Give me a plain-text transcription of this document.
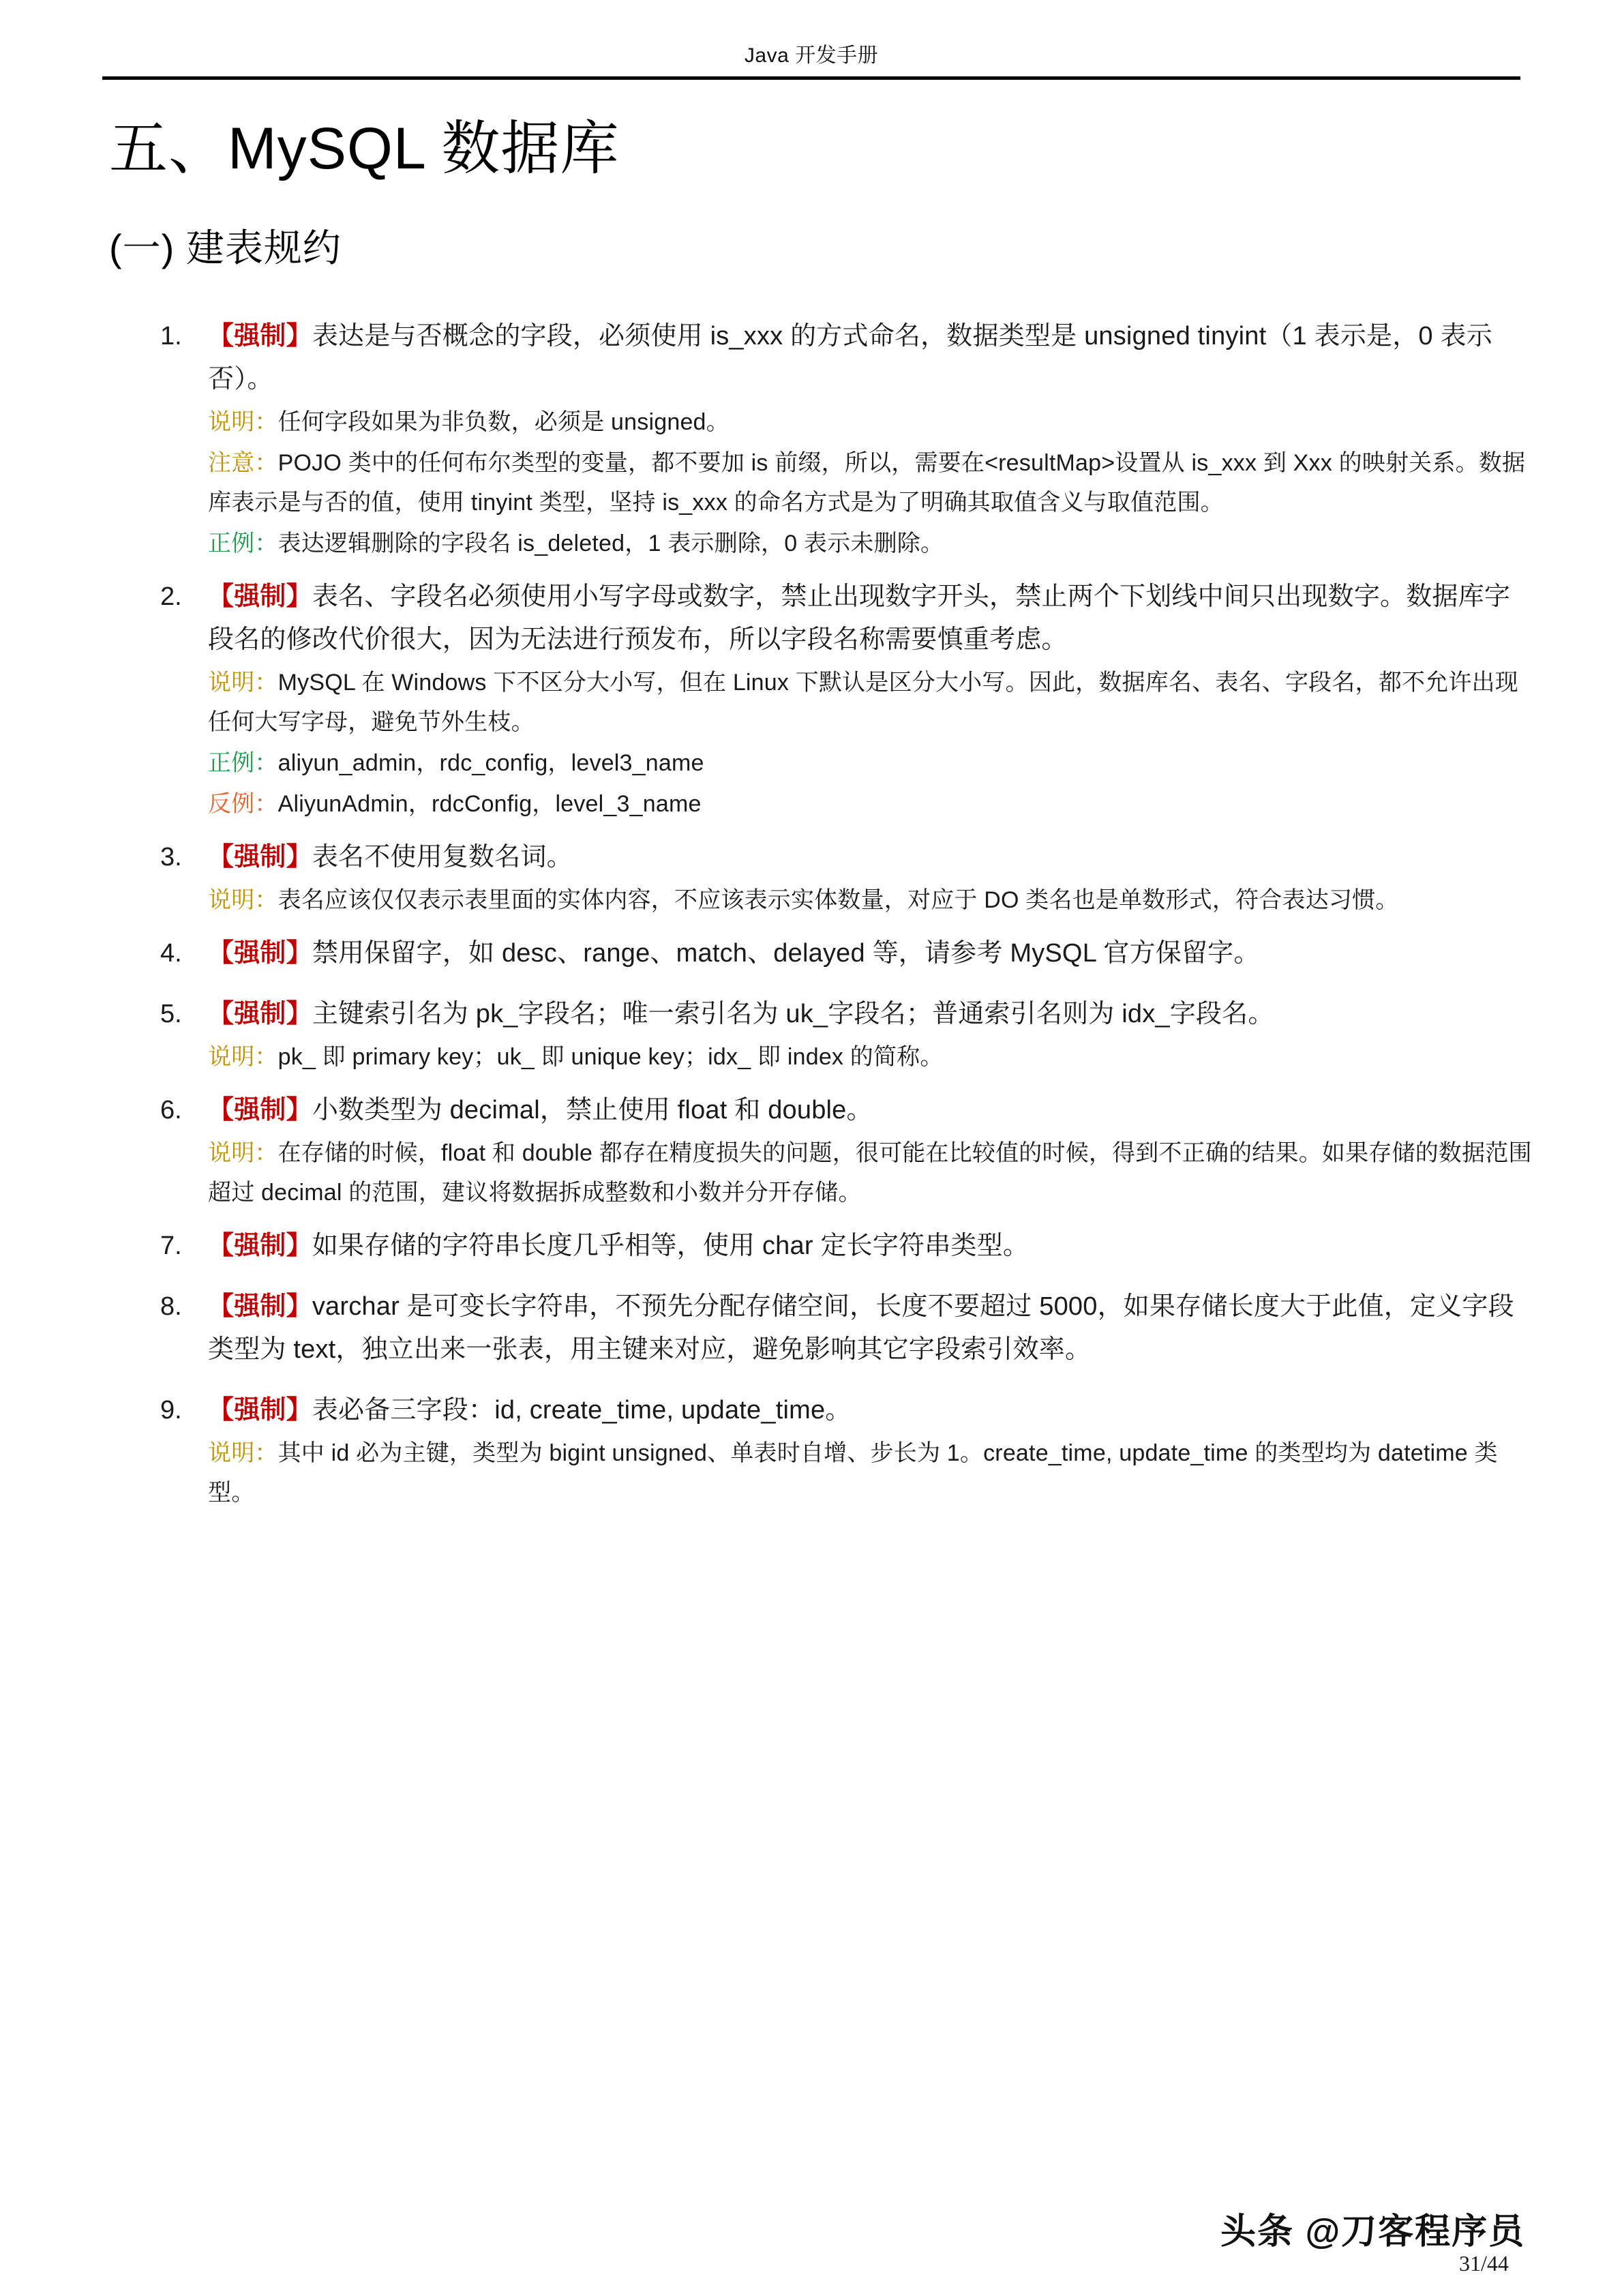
Java 开发手册
五、MySQL 数据库
(一) 建表规约
1.	【强制】表达是与否概念的字段，必须使用 is_xxx 的方式命名，数据类型是 unsigned tinyint（1 表示是，0 表示否）。
说明：任何字段如果为非负数，必须是 unsigned。
注意：POJO 类中的任何布尔类型的变量，都不要加 is 前缀，所以，需要在<resultMap>设置从 is_xxx 到 Xxx 的映射关系。数据库表示是与否的值，使用 tinyint 类型，坚持 is_xxx 的命名方式是为了明确其取值含义与取值范围。
正例：表达逻辑删除的字段名 is_deleted，1 表示删除，0 表示未删除。
2.	【强制】表名、字段名必须使用小写字母或数字，禁止出现数字开头，禁止两个下划线中间只出现数字。数据库字段名的修改代价很大，因为无法进行预发布，所以字段名称需要慎重考虑。
说明：MySQL 在 Windows 下不区分大小写，但在 Linux 下默认是区分大小写。因此，数据库名、表名、字段名，都不允许出现任何大写字母，避免节外生枝。
正例：aliyun_admin，rdc_config，level3_name
反例：AliyunAdmin，rdcConfig，level_3_name
3.	【强制】表名不使用复数名词。
说明：表名应该仅仅表示表里面的实体内容，不应该表示实体数量，对应于 DO 类名也是单数形式，符合表达习惯。
4.	【强制】禁用保留字，如 desc、range、match、delayed 等，请参考 MySQL 官方保留字。
5.	【强制】主键索引名为 pk_字段名；唯一索引名为 uk_字段名；普通索引名则为 idx_字段名。
说明：pk_ 即 primary key；uk_ 即 unique key；idx_ 即 index 的简称。
6.	【强制】小数类型为 decimal，禁止使用 float 和 double。
说明：在存储的时候，float 和 double 都存在精度损失的问题，很可能在比较值的时候，得到不正确的结果。如果存储的数据范围超过 decimal 的范围，建议将数据拆成整数和小数并分开存储。
7.	【强制】如果存储的字符串长度几乎相等，使用 char 定长字符串类型。
8.	【强制】varchar 是可变长字符串，不预先分配存储空间，长度不要超过 5000，如果存储长度大于此值，定义字段类型为 text，独立出来一张表，用主键来对应，避免影响其它字段索引效率。
9.	【强制】表必备三字段：id, create_time, update_time。
说明：其中 id 必为主键，类型为 bigint unsigned、单表时自增、步长为 1。create_time, update_time 的类型均为 datetime 类型。
头条 @刀客程序员
31/44
